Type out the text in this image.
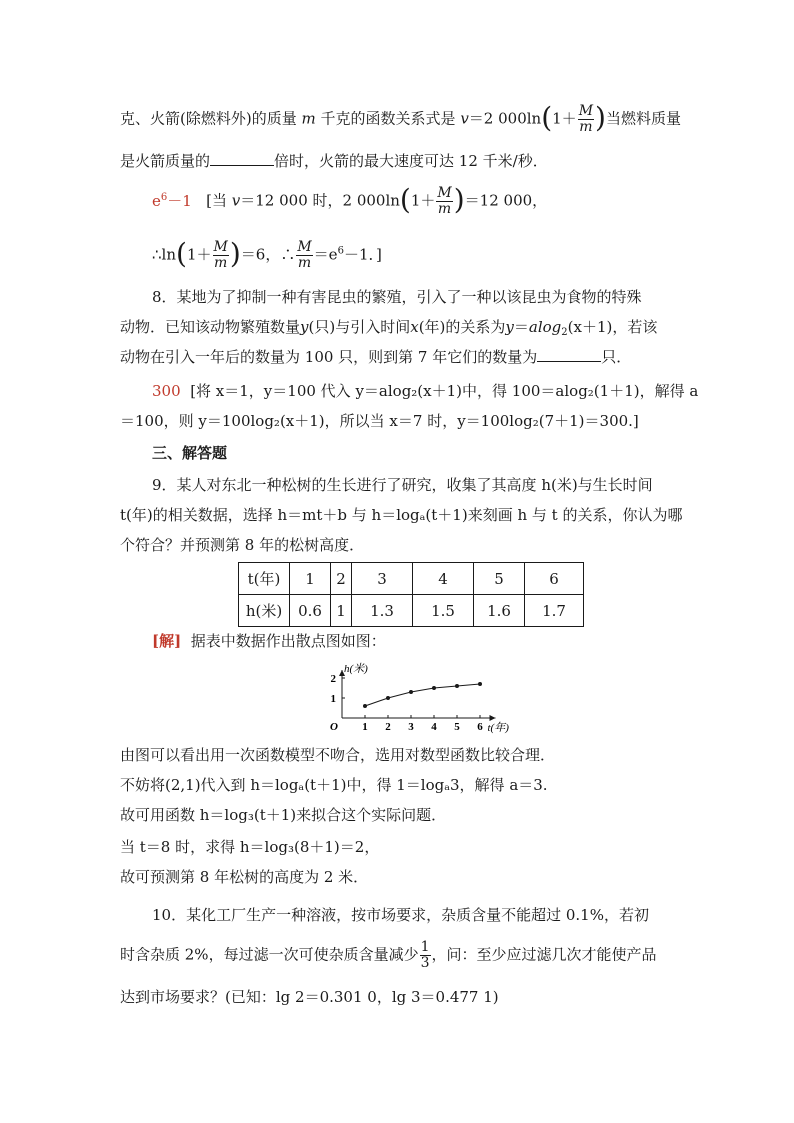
克、火箭(除燃料外)的质量 m 千克的函数关系式是 v＝2 $000\ln(1+ \frac{M}{m}$ )当燃料质量
是火箭质量的	倍时，火箭的最大速度可达 12 千米/秒．
$e^6-1$ [当 v＝12 000 时，2 $000\ln(1+ \frac{M}{m} )=12$ 000，
∴ln(1＋ $\frac{M}{m} )=6$，∴ $\frac{M}{m} =e^6-1$．]
8．某地为了抑制一种有害昆虫的繁殖，引入了一种以该昆虫为食物的特殊
动物．已知该动物繁殖数量y(只)与引入时间x(年)的关系为y＝alog$_2$(x＋1)，若该
动物在引入一年后的数量为 100 只，则到第 7 年它们的数量为	只．
300 [将 x＝1，y＝100 代入 y＝alog₂(x＋1)中，得 100＝alog₂(1＋1)，解得 a
＝100，则 y＝100log₂(x＋1)，所以当 x＝7 时，y＝100log₂(7＋1)＝300.]
三、解答题
9．某人对东北一种松树的生长进行了研究，收集了其高度 h(米)与生长时间
t(年)的相关数据，选择 h＝mt＋b 与 h＝logₐ(t＋1)来刻画 h 与 t 的关系，你认为哪
个符合？并预测第 8 年的松树高度．
t(年)	1	2	3	4	5	6
h(米)	0.6	1	1.3	1.5	1.6	1.7
[解] 据表中数据作出散点图如图：
h(米)
t(年)
O 1 2 3 4 5 6
1
2
由图可以看出用一次函数模型不吻合，选用对数型函数比较合理．
不妨将(2,1)代入到 h＝logₐ(t＋1)中，得 1＝logₐ3，解得 a＝3.
故可用函数 h＝log₃(t＋1)来拟合这个实际问题．
当 t＝8 时，求得 h＝log₃(8＋1)＝2，
故可预测第 8 年松树的高度为 2 米．
10．某化工厂生产一种溶液，按市场要求，杂质含量不能超过 0.1%，若初
时含杂质 2%，每过滤一次可使杂质含量减少 $\frac{1}{3}$ ，问：至少应过滤几次才能使产品
达到市场要求？(已知：lg 2＝0.301 0，lg 3＝0.477 1)
